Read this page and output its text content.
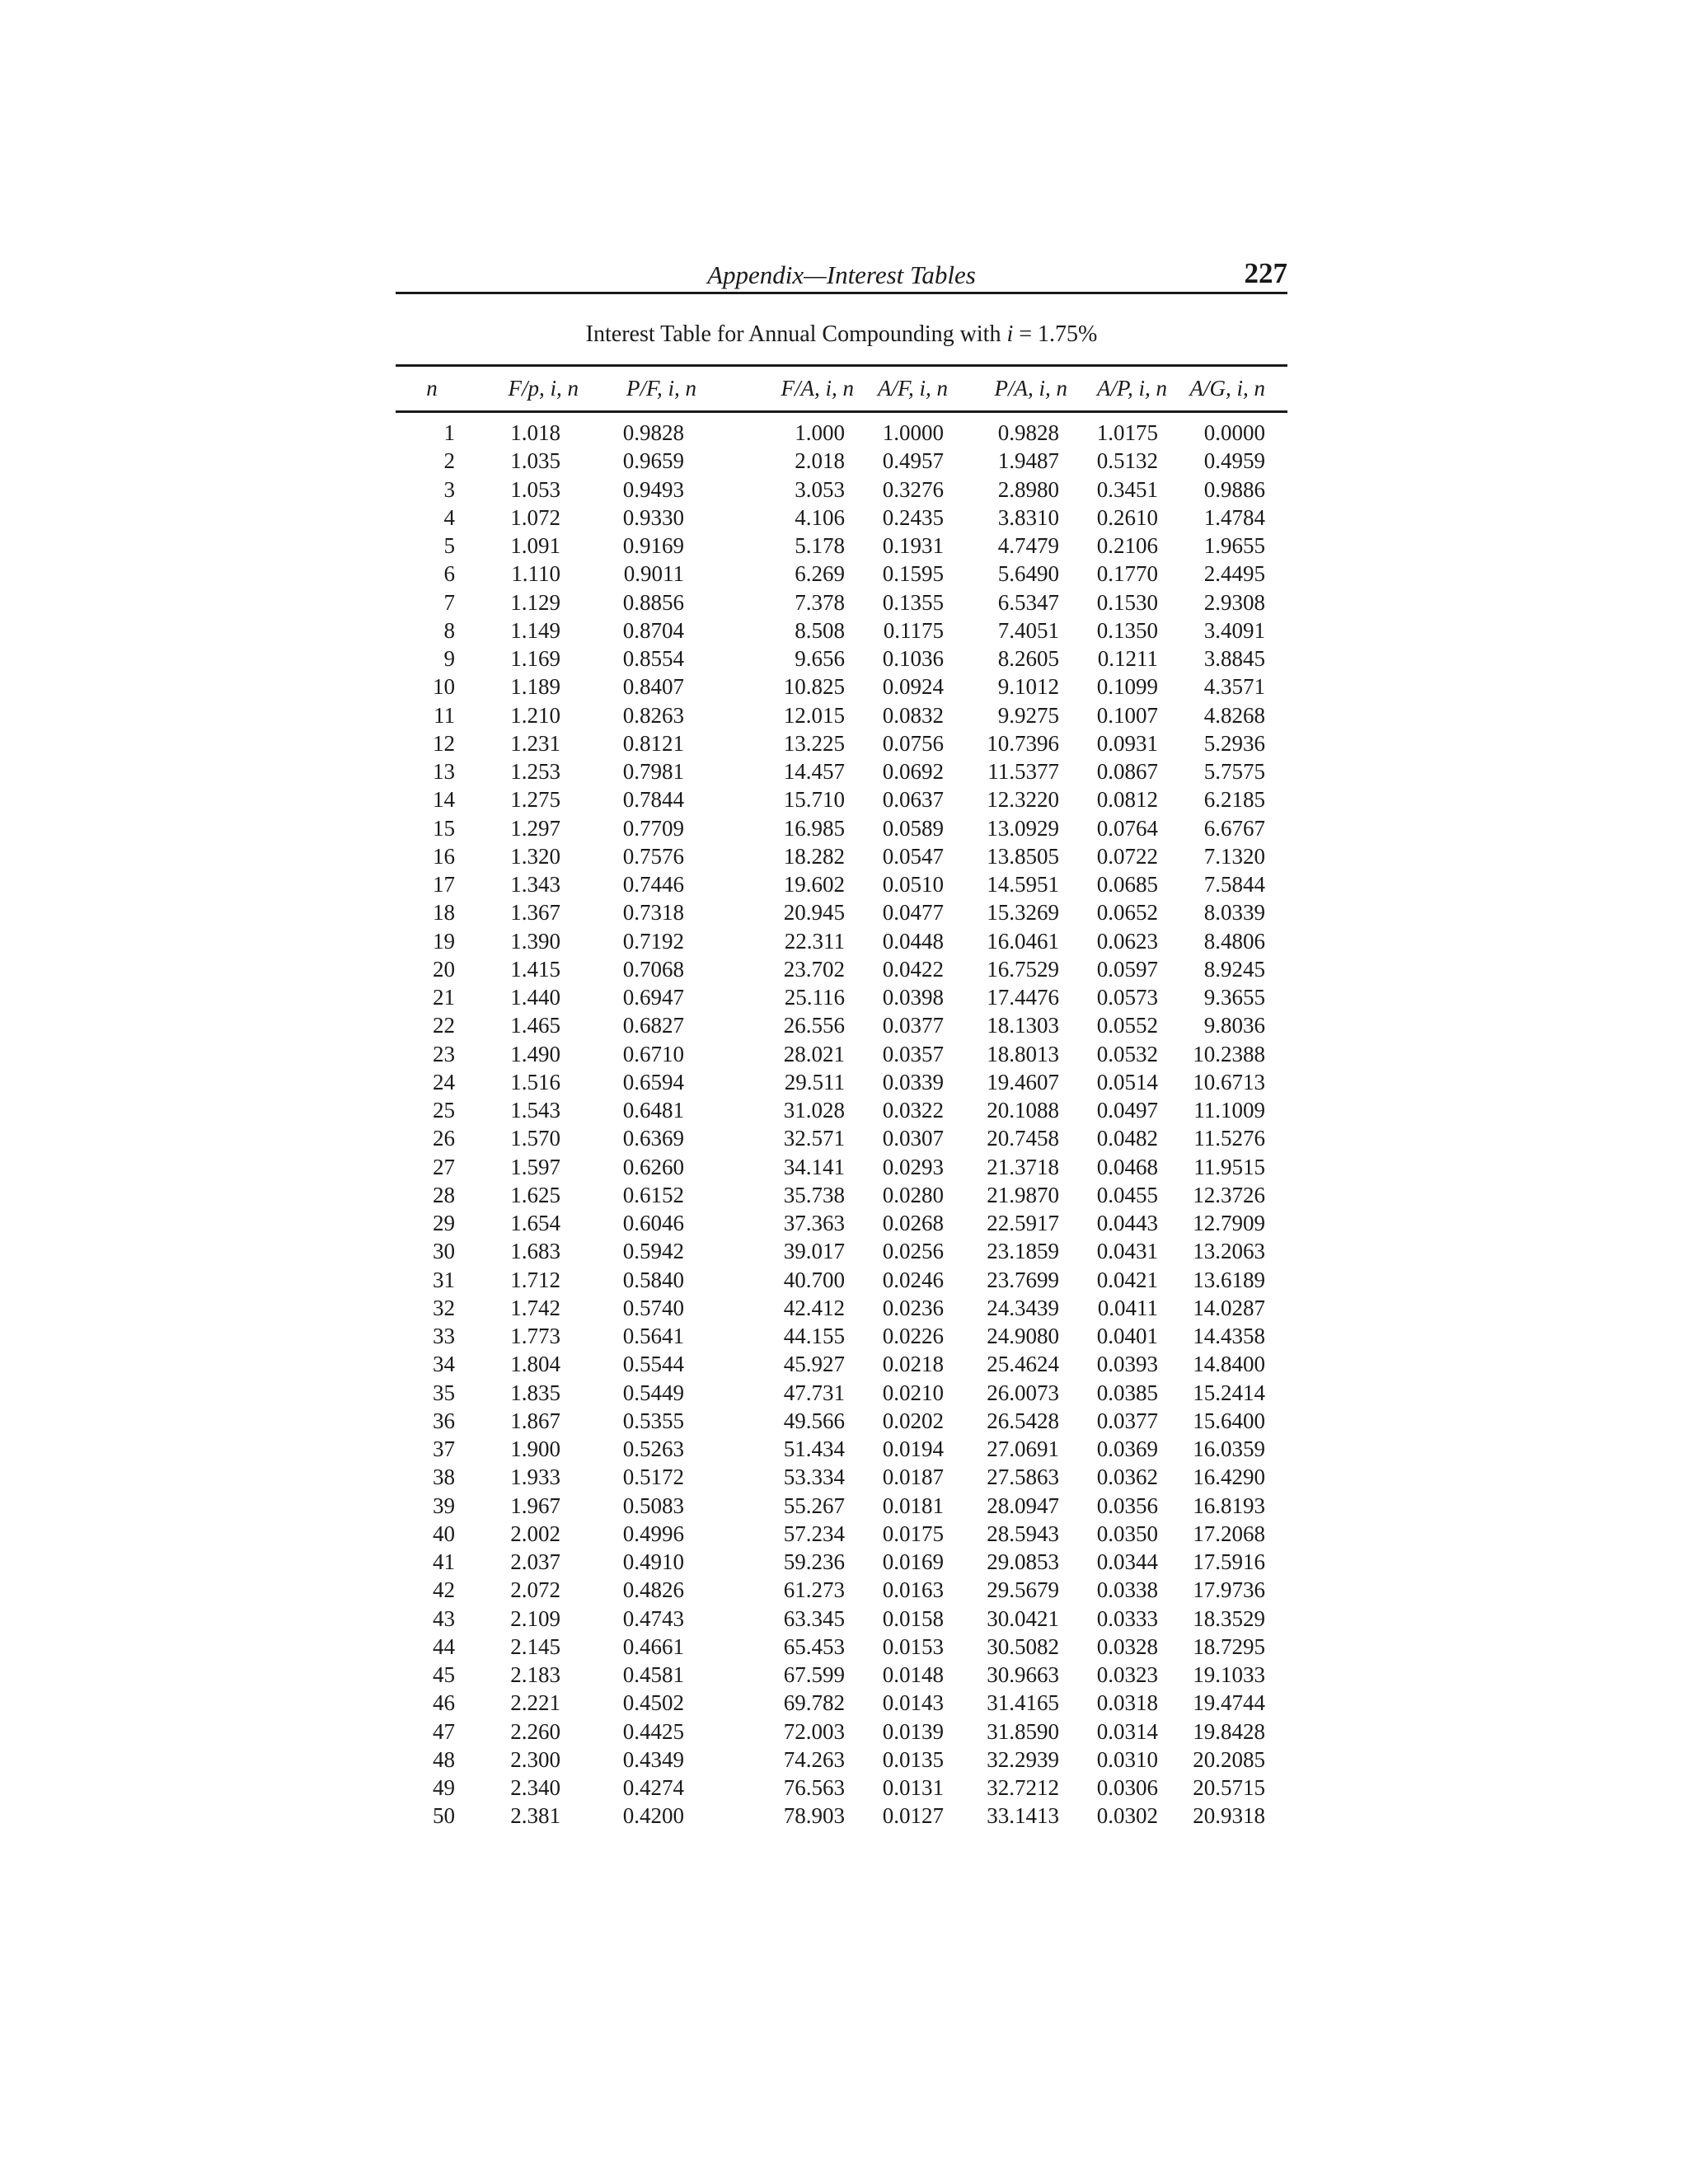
Appendix—Interest Tables	227
Interest Table for Annual Compounding with i = 1.75%
n	F/p, i, n	P/F, i, n	F/A, i, n	A/F, i, n	P/A, i, n	A/P, i, n	A/G, i, n
1	1.018	0.9828	1.000	1.0000	0.9828	1.0175	0.0000
2	1.035	0.9659	2.018	0.4957	1.9487	0.5132	0.4959
3	1.053	0.9493	3.053	0.3276	2.8980	0.3451	0.9886
4	1.072	0.9330	4.106	0.2435	3.8310	0.2610	1.4784
5	1.091	0.9169	5.178	0.1931	4.7479	0.2106	1.9655
6	1.110	0.9011	6.269	0.1595	5.6490	0.1770	2.4495
7	1.129	0.8856	7.378	0.1355	6.5347	0.1530	2.9308
8	1.149	0.8704	8.508	0.1175	7.4051	0.1350	3.4091
9	1.169	0.8554	9.656	0.1036	8.2605	0.1211	3.8845
10	1.189	0.8407	10.825	0.0924	9.1012	0.1099	4.3571
11	1.210	0.8263	12.015	0.0832	9.9275	0.1007	4.8268
12	1.231	0.8121	13.225	0.0756 10.7396	0.0931	5.2936
13	1.253	0.7981	14.457	0.0692 11.5377	0.0867	5.7575
14	1.275	0.7844	15.710	0.0637 12.3220	0.0812	6.2185
15	1.297	0.7709	16.985	0.0589 13.0929	0.0764	6.6767
16	1.320	0.7576	18.282	0.0547 13.8505	0.0722	7.1320
17	1.343	0.7446	19.602	0.0510 14.5951	0.0685	7.5844
18	1.367	0.7318	20.945	0.0477 15.3269	0.0652	8.0339
19	1.390	0.7192	22.311	0.0448 16.0461	0.0623	8.4806
20	1.415	0.7068	23.702	0.0422 16.7529	0.0597	8.9245
21	1.440	0.6947	25.116	0.0398 17.4476	0.0573	9.3655
22	1.465	0.6827	26.556	0.0377 18.1303	0.0552	9.8036
23	1.490	0.6710	28.021	0.0357 18.8013	0.0532	10.2388
24	1.516	0.6594	29.511	0.0339 19.4607	0.0514	10.6713
25	1.543	0.6481	31.028	0.0322 20.1088	0.0497	11.1009
26	1.570	0.6369	32.571	0.0307 20.7458	0.0482	11.5276
27	1.597	0.6260	34.141	0.0293 21.3718	0.0468	11.9515
28	1.625	0.6152	35.738	0.0280 21.9870	0.0455	12.3726
29	1.654	0.6046	37.363	0.0268 22.5917	0.0443	12.7909
30	1.683	0.5942	39.017	0.0256 23.1859	0.0431	13.2063
31	1.712	0.5840	40.700	0.0246 23.7699	0.0421	13.6189
32	1.742	0.5740	42.412	0.0236 24.3439	0.0411	14.0287
33	1.773	0.5641	44.155	0.0226 24.9080	0.0401	14.4358
34	1.804	0.5544	45.927	0.0218 25.4624	0.0393	14.8400
35	1.835	0.5449	47.731	0.0210 26.0073	0.0385	15.2414
36	1.867	0.5355	49.566	0.0202 26.5428	0.0377	15.6400
37	1.900	0.5263	51.434	0.0194 27.0691	0.0369	16.0359
38	1.933	0.5172	53.334	0.0187 27.5863	0.0362	16.4290
39	1.967	0.5083	55.267	0.0181 28.0947	0.0356	16.8193
40	2.002	0.4996	57.234	0.0175 28.5943	0.0350	17.2068
41	2.037	0.4910	59.236	0.0169 29.0853	0.0344	17.5916
42	2.072	0.4826	61.273	0.0163 29.5679	0.0338	17.9736
43	2.109	0.4743	63.345	0.0158 30.0421	0.0333	18.3529
44	2.145	0.4661	65.453	0.0153 30.5082	0.0328	18.7295
45	2.183	0.4581	67.599	0.0148 30.9663	0.0323	19.1033
46	2.221	0.4502	69.782	0.0143 31.4165	0.0318	19.4744
47	2.260	0.4425	72.003	0.0139 31.8590	0.0314	19.8428
48	2.300	0.4349	74.263	0.0135 32.2939	0.0310	20.2085
49	2.340	0.4274	76.563	0.0131 32.7212	0.0306	20.5715
50	2.381	0.4200	78.903	0.0127 33.1413	0.0302	20.9318
